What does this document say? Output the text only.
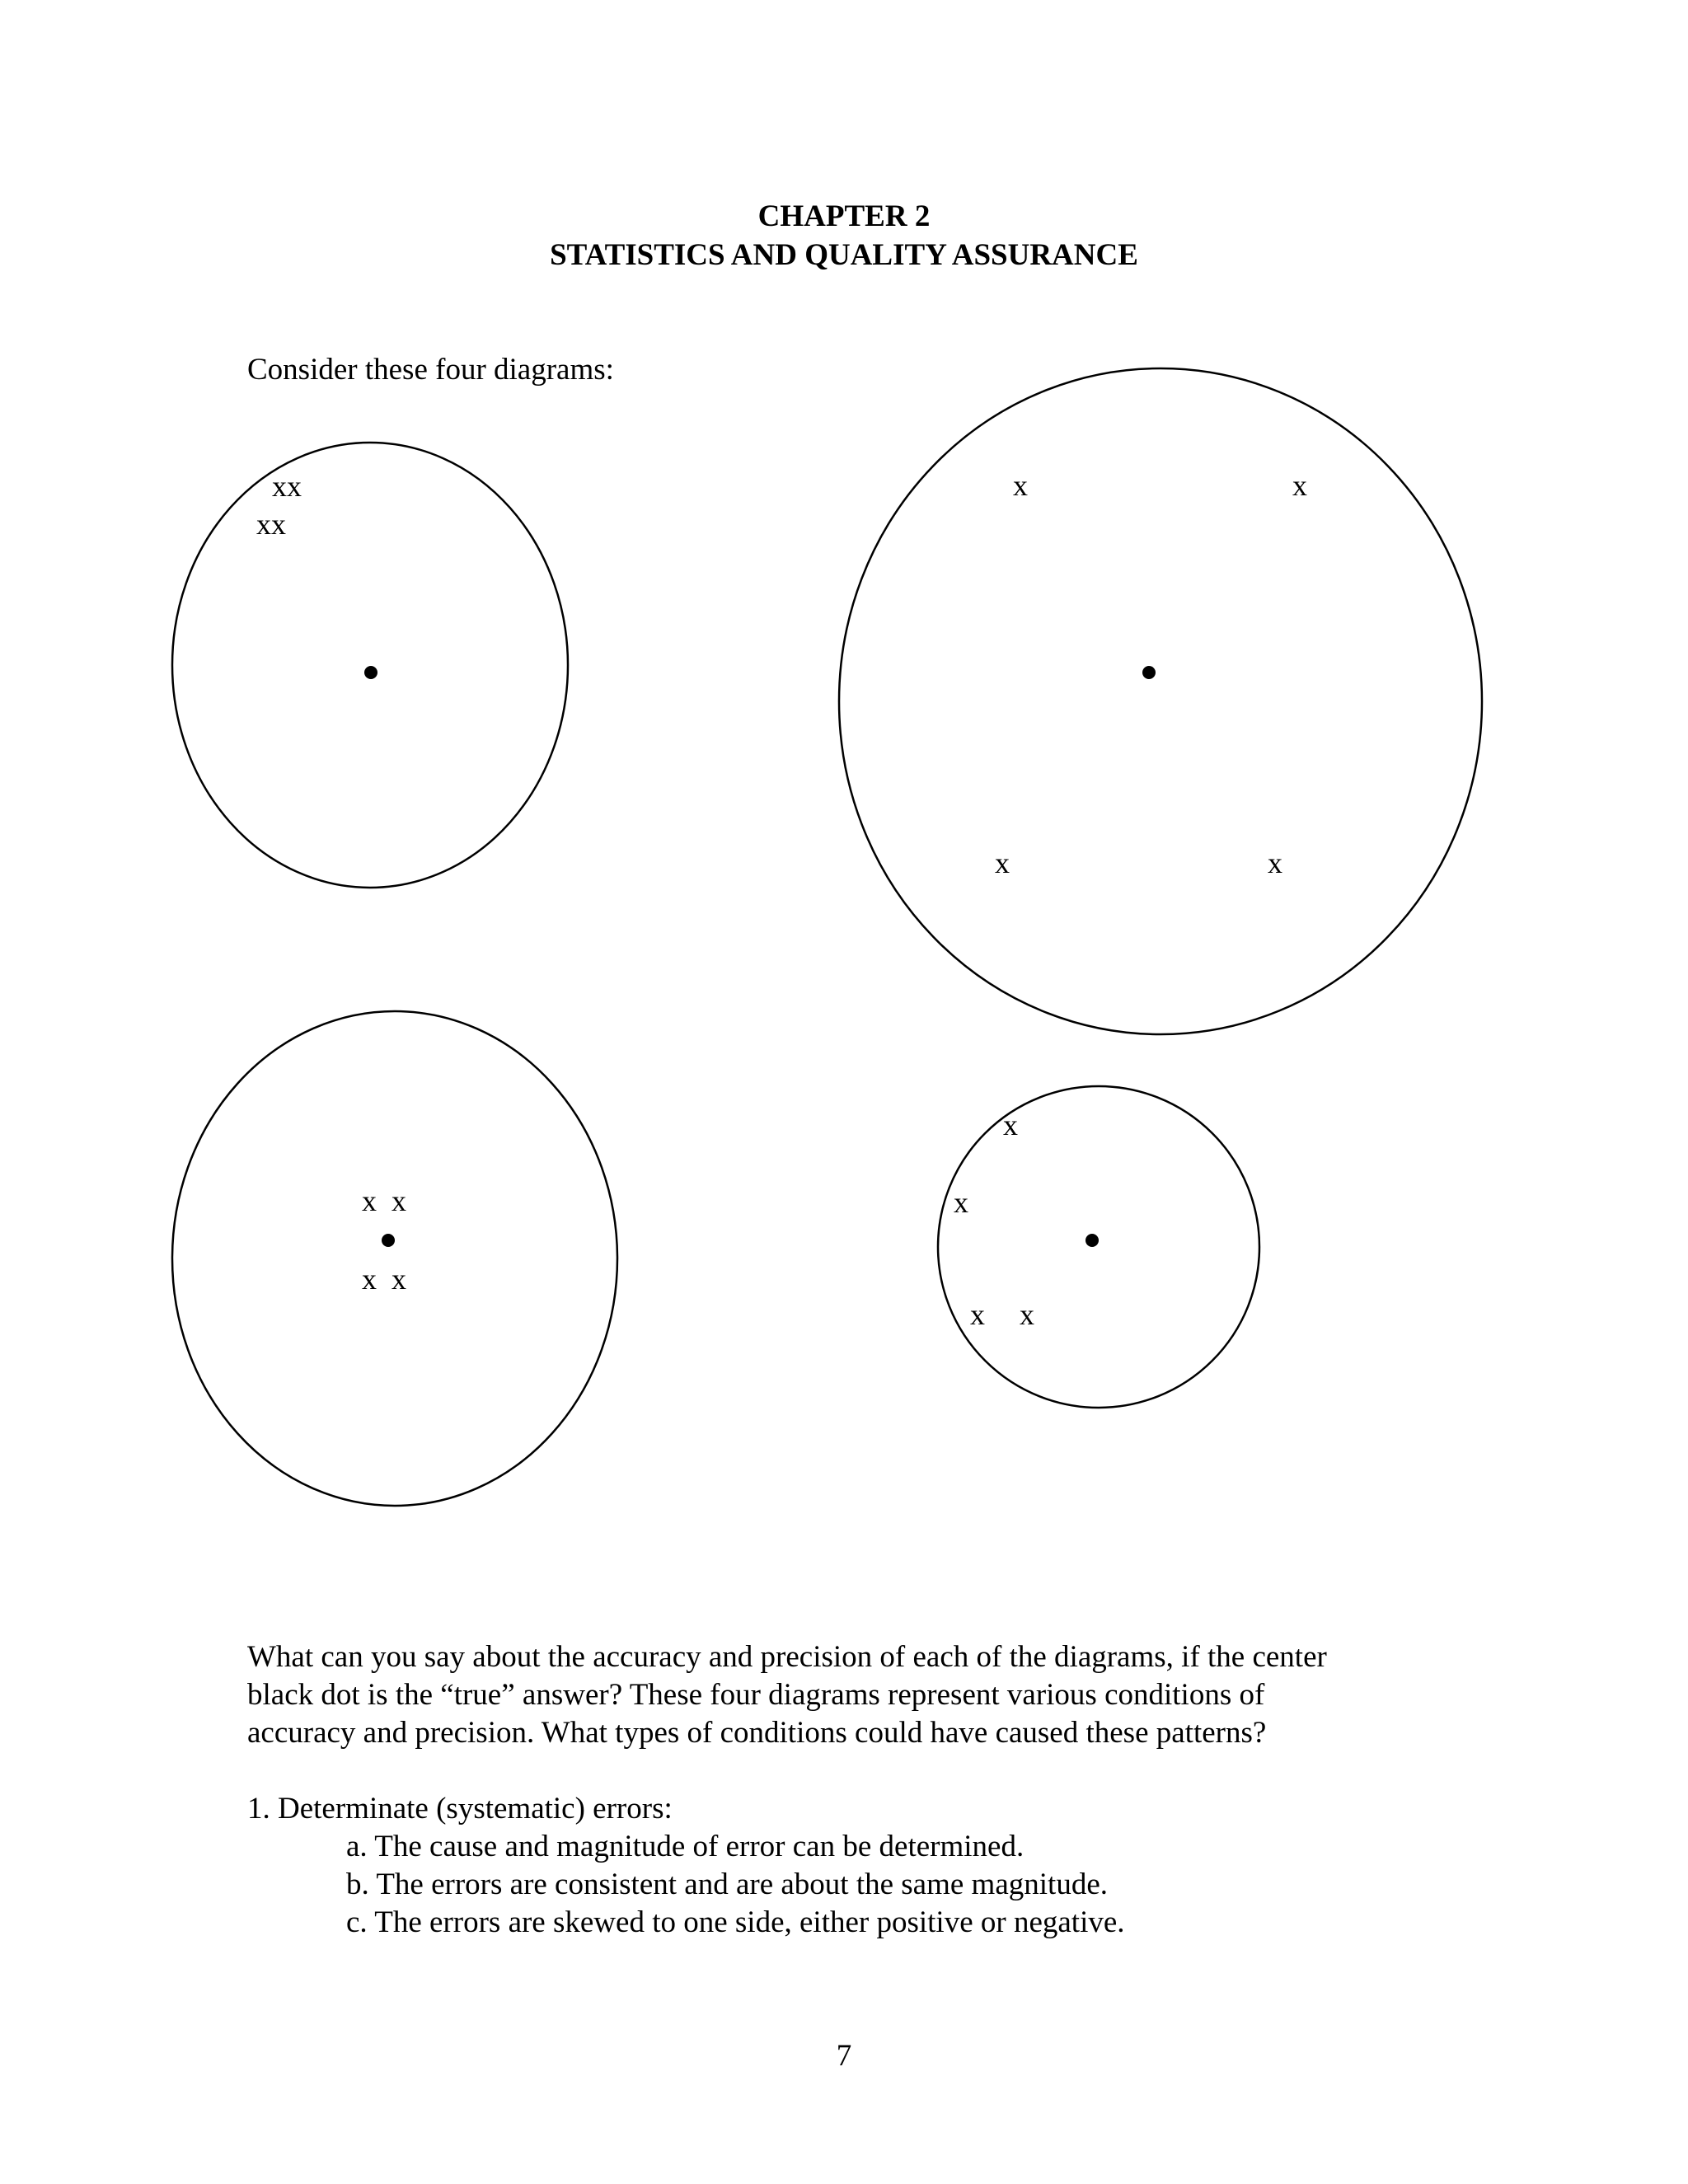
CHAPTER 2
STATISTICS AND QUALITY ASSURANCE
Consider these four diagrams:
xx
xx
x	x
x	x
x  x
x  x
x
x
x x
What can you say about the accuracy and precision of each of the diagrams, if the center
black dot is the “true” answer? These four diagrams represent various conditions of
accuracy and precision. What types of conditions could have caused these patterns?
1. Determinate (systematic) errors:
a. The cause and magnitude of error can be determined.
b. The errors are consistent and are about the same magnitude.
c. The errors are skewed to one side, either positive or negative.
7
